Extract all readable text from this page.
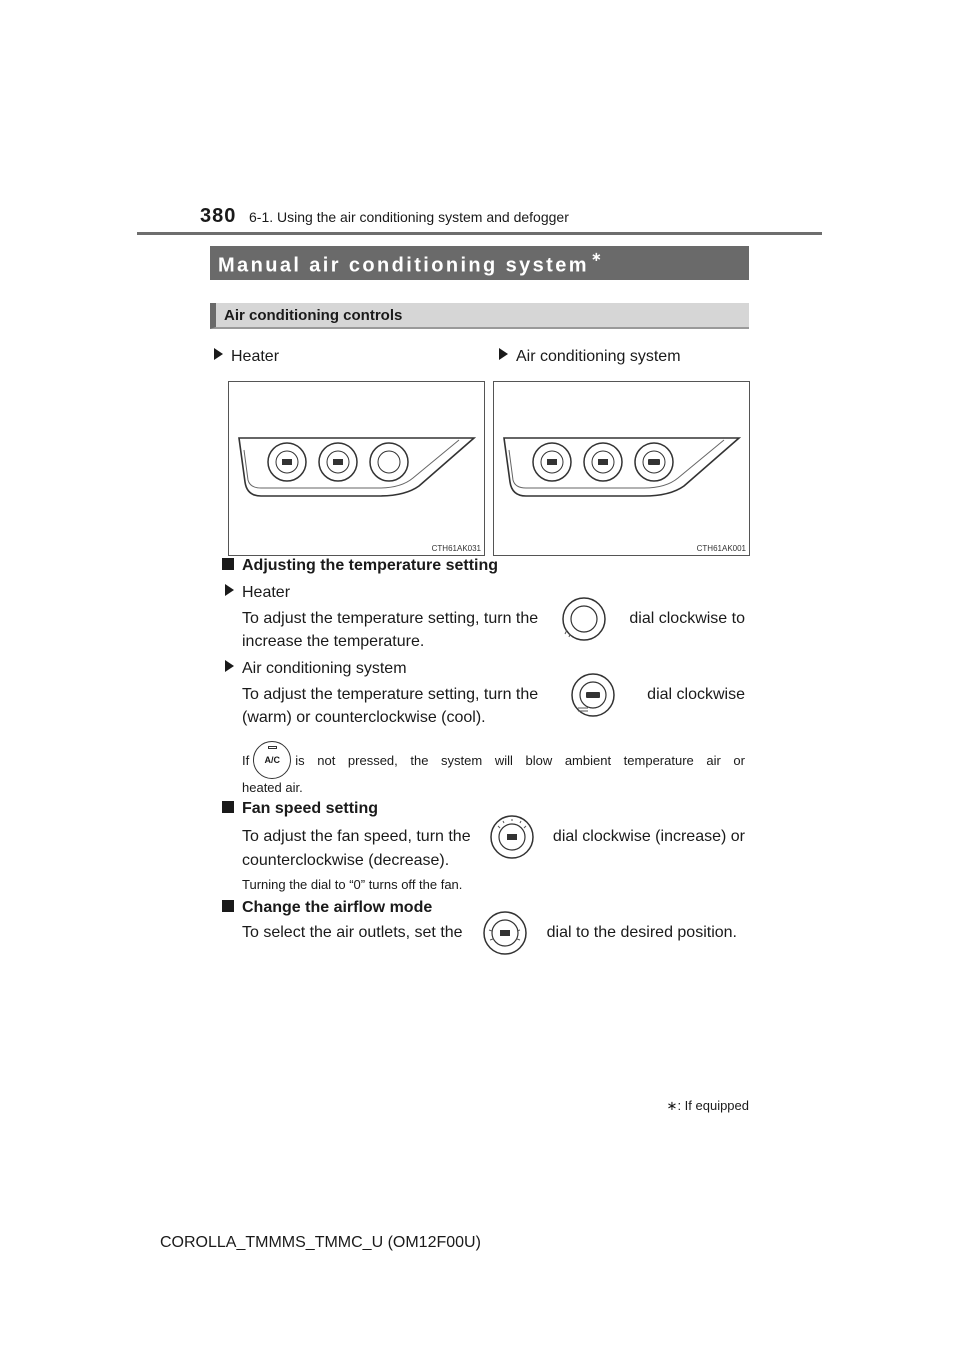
380 6-1. Using the air conditioning system and defogger
Manual air conditioning system ∗
Air conditioning controls
Heater	Air conditioning system
CTH61AK031	CTH61AK001
Adjusting the temperature setting
Heater
To adjust the temperature setting, turn the	dial clockwise to
increase the temperature.
Air conditioning system
To adjust the temperature setting, turn the	dial clockwise
(warm) or counterclockwise (cool).
If A/C is not pressed, the system will blow ambient temperature air or
heated air.
Fan speed setting
To adjust the fan speed, turn the	dial clockwise (increase) or
counterclockwise (decrease).
Turning the dial to “0” turns off the fan.
Change the airflow mode
To select the air outlets, set the	dial to the desired position.
∗: If equipped
COROLLA_TMMMS_TMMC_U (OM12F00U)
